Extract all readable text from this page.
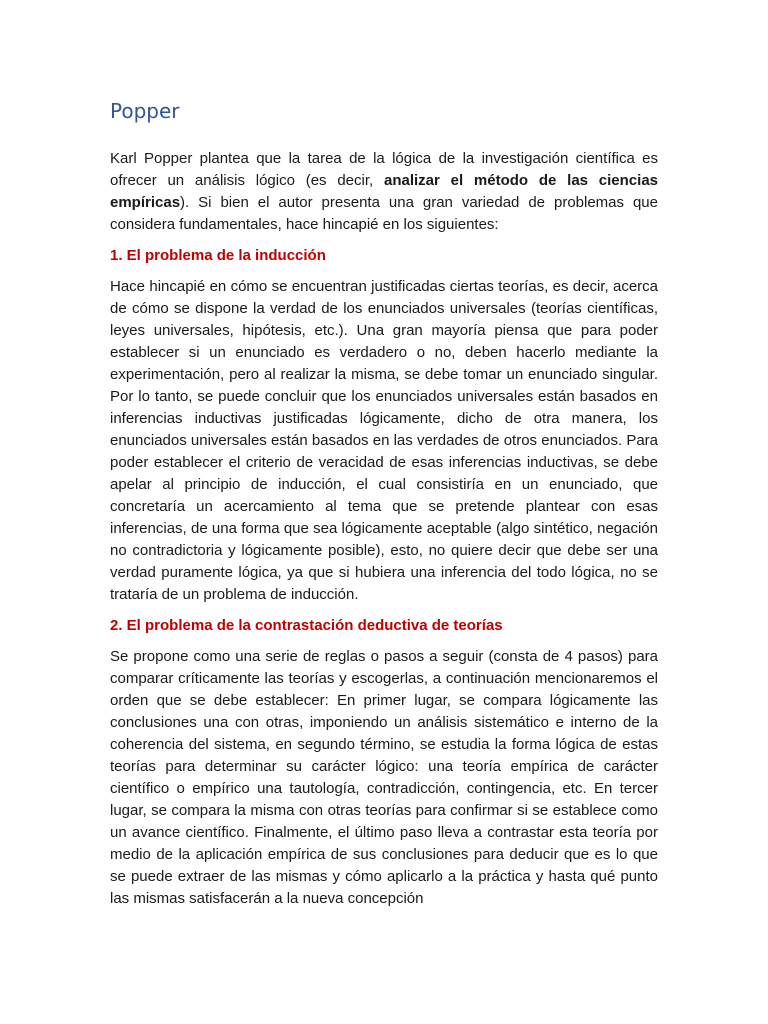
Popper

Karl Popper plantea que la tarea de la lógica de la investigación científica es ofrecer un análisis lógico (es decir, analizar el método de las ciencias empíricas). Si bien el autor presenta una gran variedad de problemas que considera fundamentales, hace hincapié en los siguientes:

1. El problema de la inducción

Hace hincapié en cómo se encuentran justificadas ciertas teorías, es decir, acerca de cómo se dispone la verdad de los enunciados universales (teorías científicas, leyes universales, hipótesis, etc.). Una gran mayoría piensa que para poder establecer si un enunciado es verdadero o no, deben hacerlo mediante la experimentación, pero al realizar la misma, se debe tomar un enunciado singular. Por lo tanto, se puede concluir que los enunciados universales están basados en inferencias inductivas justificadas lógicamente, dicho de otra manera, los enunciados universales están basados en las verdades de otros enunciados. Para poder establecer el criterio de veracidad de esas inferencias inductivas, se debe apelar al principio de inducción, el cual consistiría en un enunciado, que concretaría un acercamiento al tema que se pretende plantear con esas inferencias, de una forma que sea lógicamente aceptable (algo sintético, negación no contradictoria y lógicamente posible), esto, no quiere decir que debe ser una verdad puramente lógica, ya que si hubiera una inferencia del todo lógica, no se trataría de un problema de inducción.

2. El problema de la contrastación deductiva de teorías

Se propone como una serie de reglas o pasos a seguir (consta de 4 pasos) para comparar críticamente las teorías y escogerlas, a continuación mencionaremos el orden que se debe establecer: En primer lugar, se compara lógicamente las conclusiones una con otras, imponiendo un análisis sistemático e interno de la coherencia del sistema, en segundo término, se estudia la forma lógica de estas teorías para determinar su carácter lógico: una teoría empírica de carácter científico o empírico una tautología, contradicción, contingencia, etc. En tercer lugar, se compara la misma con otras teorías para confirmar si se establece como un avance científico. Finalmente, el último paso lleva a contrastar esta teoría por medio de la aplicación empírica de sus conclusiones para deducir que es lo que se puede extraer de las mismas y cómo aplicarlo a la práctica y hasta qué punto las mismas satisfacerán a la nueva concepción
